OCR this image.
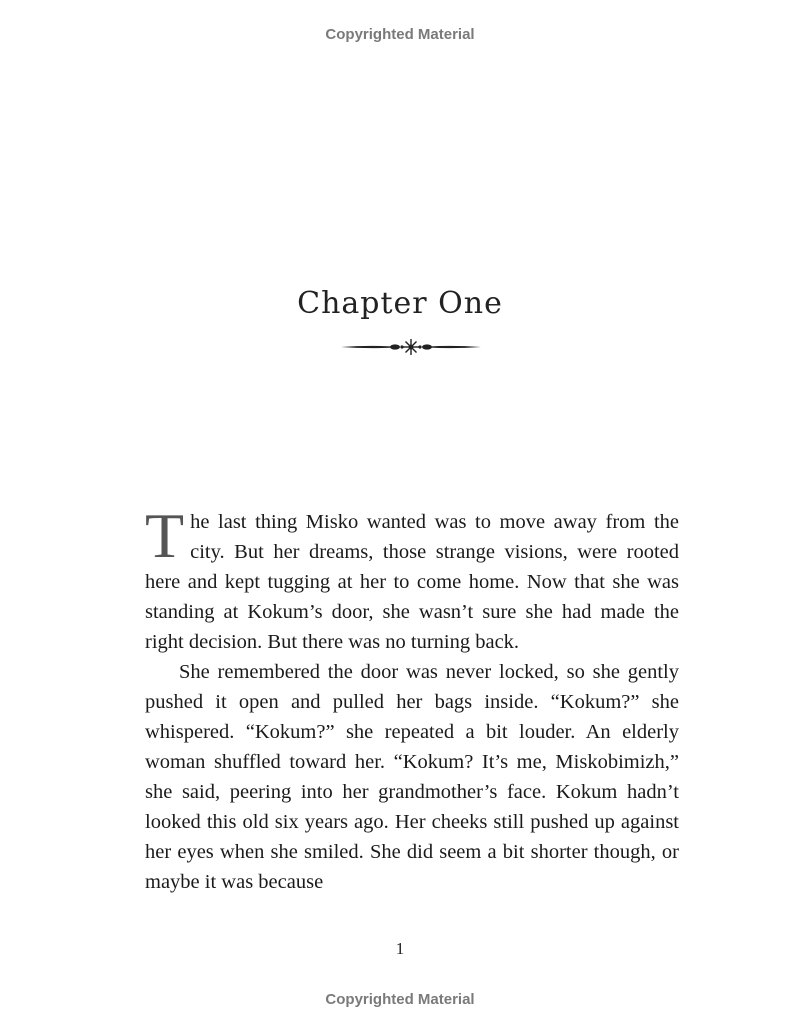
Copyrighted Material
Chapter One

The last thing Misko wanted was to move away from the city. But her dreams, those strange visions, were rooted here and kept tugging at her to come home. Now that she was standing at Kokum’s door, she wasn’t sure she had made the right decision. But there was no turning back.

She remembered the door was never locked, so she gently pushed it open and pulled her bags inside. “Kokum?” she whispered. “Kokum?” she repeated a bit louder. An elderly woman shuffled toward her. “Kokum? It’s me, Miskobimizh,” she said, peering into her grandmother’s face. Kokum hadn’t looked this old six years ago. Her cheeks still pushed up against her eyes when she smiled. She did seem a bit shorter though, or maybe it was because

1
Copyrighted Material
